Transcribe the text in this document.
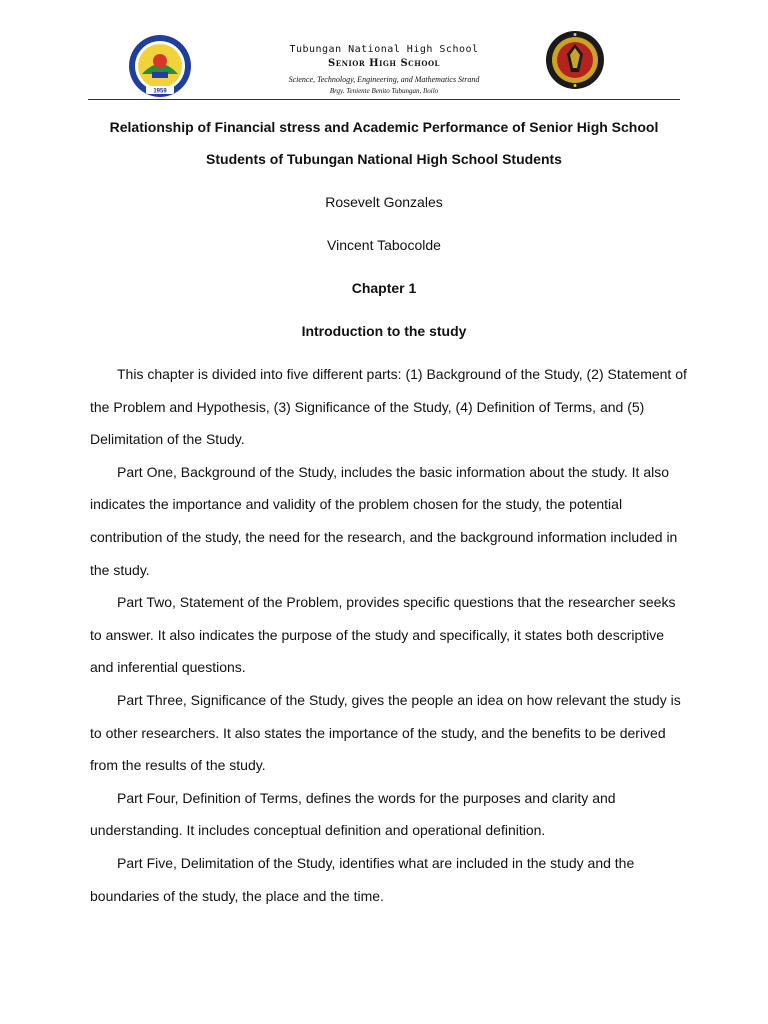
1959
Tubungan National High School
Senior High School
Science, Technology, Engineering, and Mathematics Strand
Brgy. Teniente Benito Tubungan, Iloilo
Relationship of Financial stress and Academic Performance of Senior High School
Students of Tubungan National High School Students
Rosevelt Gonzales
Vincent Tabocolde
Chapter 1
Introduction to the study

This chapter is divided into five different parts: (1) Background of the Study, (2) Statement of the Problem and Hypothesis, (3) Significance of the Study, (4) Definition of Terms, and (5) Delimitation of the Study.

Part One, Background of the Study, includes the basic information about the study. It also indicates the importance and validity of the problem chosen for the study, the potential contribution of the study, the need for the research, and the background information included in the study.

Part Two, Statement of the Problem, provides specific questions that the researcher seeks to answer. It also indicates the purpose of the study and specifically, it states both descriptive and inferential questions.

Part Three, Significance of the Study, gives the people an idea on how relevant the study is to other researchers. It also states the importance of the study, and the benefits to be derived from the results of the study.

Part Four, Definition of Terms, defines the words for the purposes and clarity and understanding. It includes conceptual definition and operational definition.

Part Five, Delimitation of the Study, identifies what are included in the study and the boundaries of the study, the place and the time.
